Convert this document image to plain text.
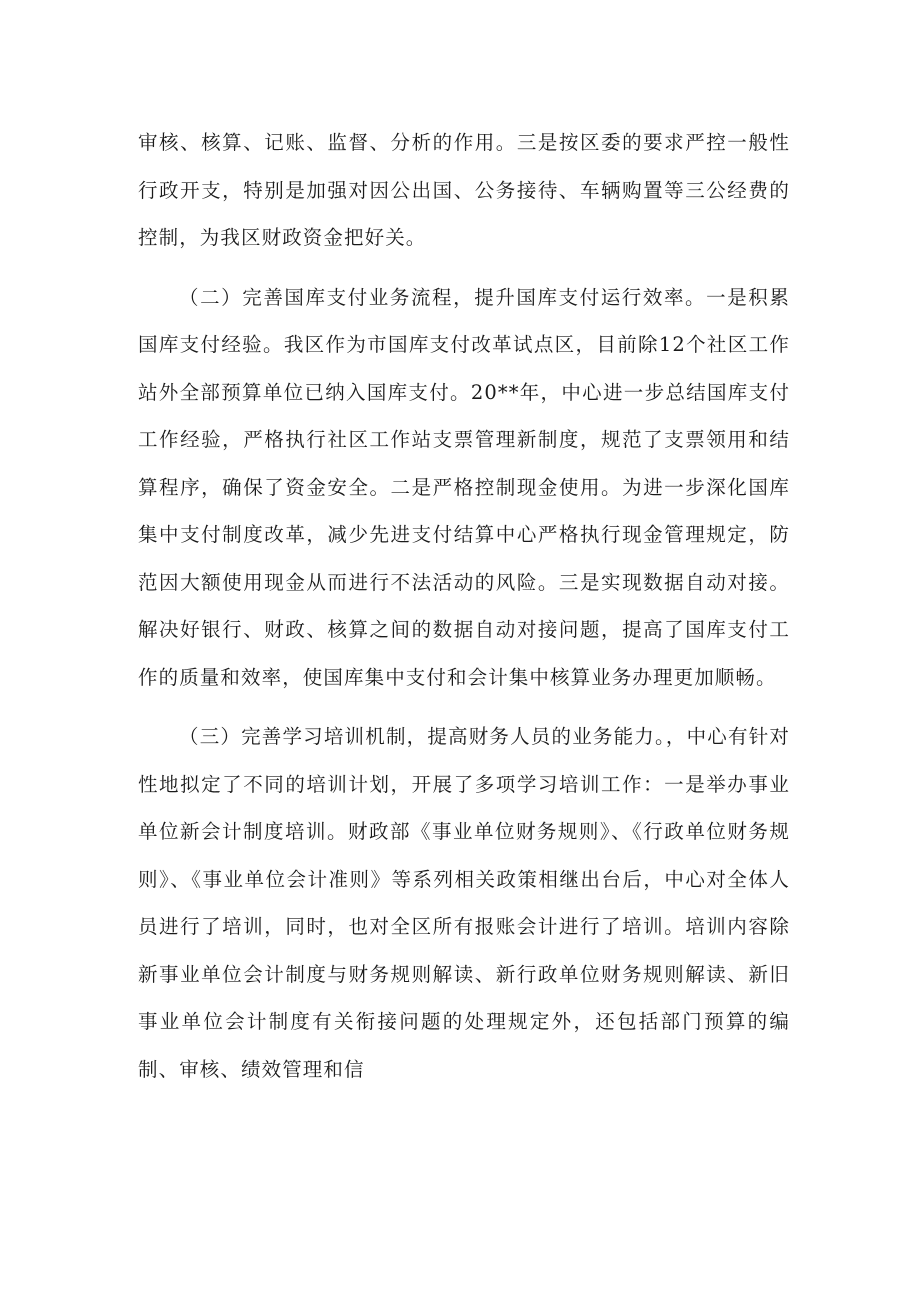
审核、核算、记账、监督、分析的作用。三是按区委的要求严控一般性行政开支，特别是加强对因公出国、公务接待、车辆购置等三公经费的控制，为我区财政资金把好关。

（二）完善国库支付业务流程，提升国库支付运行效率。一是积累国库支付经验。我区作为市国库支付改革试点区，目前除12个社区工作站外全部预算单位已纳入国库支付。20**年，中心进一步总结国库支付工作经验，严格执行社区工作站支票管理新制度，规范了支票领用和结算程序，确保了资金安全。二是严格控制现金使用。为进一步深化国库集中支付制度改革，减少先进支付结算中心严格执行现金管理规定，防范因大额使用现金从而进行不法活动的风险。三是实现数据自动对接。解决好银行、财政、核算之间的数据自动对接问题，提高了国库支付工作的质量和效率，使国库集中支付和会计集中核算业务办理更加顺畅。

（三）完善学习培训机制，提高财务人员的业务能力。，中心有针对性地拟定了不同的培训计划，开展了多项学习培训工作：一是举办事业单位新会计制度培训。财政部《事业单位财务规则》、《行政单位财务规则》、《事业单位会计准则》等系列相关政策相继出台后，中心对全体人员进行了培训，同时，也对全区所有报账会计进行了培训。培训内容除新事业单位会计制度与财务规则解读、新行政单位财务规则解读、新旧事业单位会计制度有关衔接问题的处理规定外，还包括部门预算的编制、审核、绩效管理和信
